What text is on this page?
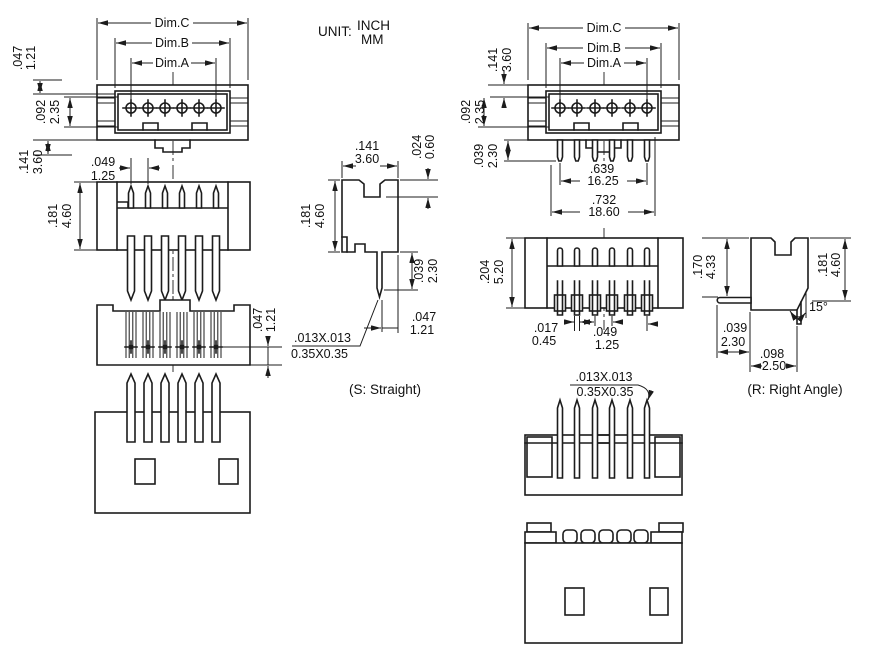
UNIT: INCH
MM
Dim.C
Dim.B
Dim.A
.047 1.21
.092 2.35
.141 3.60	.049
1.25
.181 4.60
.047 1.21
(S: Straight)
.141
3.60 .024 0.60
.181 4.60
.039 2.30
.047
1.21
.013X.013
0.35X0.35
Dim.C
Dim.B
Dim.A
.141 3.60
.092 2.35
.039 2.30
.639
16.25
.732
18.60
.204 5.20
.017
0.45
.049
1.25
15°
.170 4.33	.181 4.60
.039
2.30
.098
2.50
(R: Right Angle)
.013X.013
0.35X0.35
